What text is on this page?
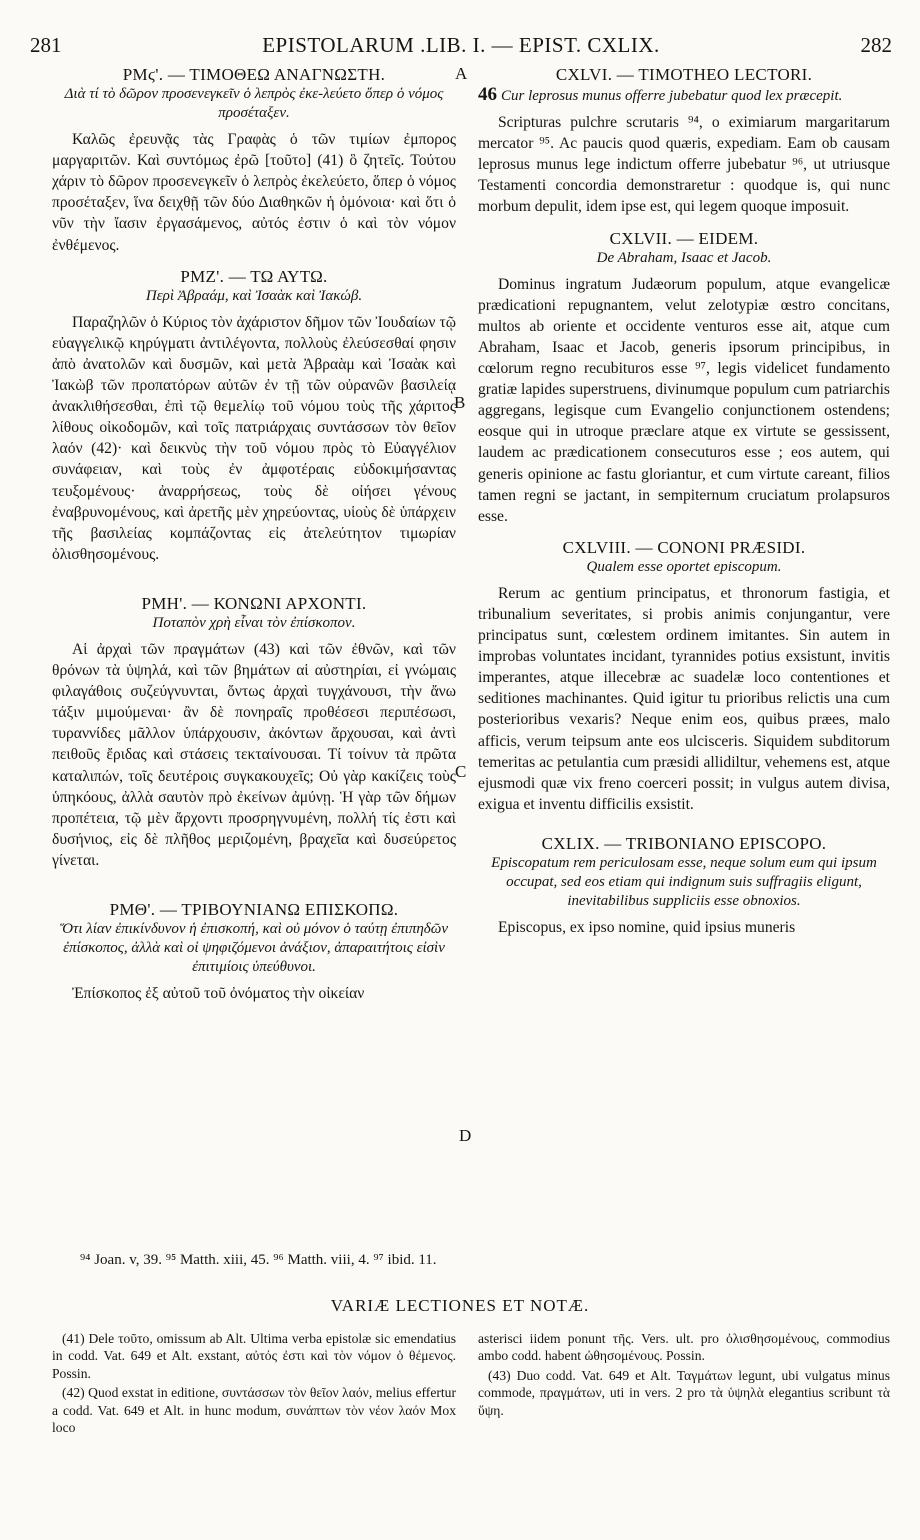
281	EPISTOLARUM .LIB. I. — EPIST. CXLIX.	282
A
B
C
D
ΡΜϛ'. — ΤΙΜΟΘΕΩ ΑΝΑΓΝΩΣΤΗ.
Διὰ τί τὸ δῶρον προσενεγκεῖν ὁ λεπρὸς ἐκε-λεύετο ὅπερ ὁ νόμος προσέταξεν.

Καλῶς ἐρευνᾷς τὰς Γραφὰς ὁ τῶν τιμίων ἐμπορος μαργαριτῶν. Καὶ συντόμως ἐρῶ [τοῦτο] (41) ὃ ζητεῖς. Τούτου χάριν τὸ δῶρον προσενεγκεῖν ὁ λεπρὸς ἐκελεύετο, ὅπερ ὁ νόμος προσέταξεν, ἵνα δειχθῇ τῶν δύο Διαθηκῶν ἡ ὁμόνοια· καὶ ὅτι ὁ νῦν τὴν ἴασιν ἐργασάμενος, αὐτός ἐστιν ὁ καὶ τὸν νόμον ἐνθέμενος.

ΡΜΖ'. — ΤΩ ΑΥΤΩ.
Περὶ Ἀβραάμ, καὶ Ἰσαὰκ καὶ Ἰακώβ.

Παραζηλῶν ὁ Κύριος τὸν ἀχάριστον δῆμον τῶν Ἰουδαίων τῷ εὐαγγελικῷ κηρύγματι ἀντιλέγοντα, πολλοὺς ἐλεύσεσθαί φησιν ἀπὸ ἀνατολῶν καὶ δυσμῶν, καὶ μετὰ Ἀβραὰμ καὶ Ἰσαὰκ καὶ Ἰακὼβ τῶν προπατόρων αὐτῶν ἐν τῇ τῶν οὐρανῶν βασιλείᾳ ἀνακλιθήσεσθαι, ἐπὶ τῷ θεμελίῳ τοῦ νόμου τοὺς τῆς χάριτος λίθους οἰκοδομῶν, καὶ τοῖς πατριάρχαις συντάσσων τὸν θεῖον λαόν (42)· καὶ δεικνὺς τὴν τοῦ νόμου πρὸς τὸ Εὐαγγέλιον συνάφειαν, καὶ τοὺς ἐν ἀμφοτέραις εὐδοκιμήσαντας τευξομένους· ἀναρρήσεως, τοὺς δὲ οἰήσει γένους ἐναβρυνομένους, καὶ ἀρετῆς μὲν χηρεύοντας, υἱοὺς δὲ ὑπάρχειν τῆς βασιλείας κομπάζοντας εἰς ἀτελεύτητον τιμωρίαν ὀλισθησομένους.

ΡΜΗ'. — ΚΟΝΩΝΙ ΑΡΧΟΝΤΙ.
Ποταπὸν χρὴ εἶναι τὸν ἐπίσκοπον.

Αἱ ἀρχαὶ τῶν πραγμάτων (43) καὶ τῶν ἐθνῶν, καὶ τῶν θρόνων τὰ ὑψηλά, καὶ τῶν βημάτων αἱ αὐστηρίαι, εἰ γνώμαις φιλαγάθοις συζεύγνυνται, ὄντως ἀρχαὶ τυγχάνουσι, τὴν ἄνω τάξιν μιμούμεναι· ἂν δὲ πονηραῖς προθέσεσι περιπέσωσι, τυραννίδες μᾶλλον ὑπάρχουσιν, ἀκόντων ἄρχουσαι, καὶ ἀντὶ πειθοῦς ἔριδας καὶ στάσεις τεκταίνουσαι. Τί τοίνυν τὰ πρῶτα καταλιπών, τοῖς δευτέροις συγκακουχεῖς; Οὐ γὰρ κακίζεις τοὺς ὑπηκόους, ἀλλὰ σαυτὸν πρὸ ἐκείνων ἀμύνῃ. Ἡ γὰρ τῶν δήμων προπέτεια, τῷ μὲν ἄρχοντι προσρηγνυμένη, πολλή τίς ἐστι καὶ δυσήνιος, εἰς δὲ πλῆθος μεριζομένη, βραχεῖα καὶ δυσεύρετος γίνεται.

ΡΜΘ'. — ΤΡΙΒΟΥΝΙΑΝΩ ΕΠΙΣΚΟΠΩ.
Ὅτι λίαν ἐπικίνδυνον ἡ ἐπισκοπή, καὶ οὐ μόνον ὁ ταύτῃ ἐπιπηδῶν ἐπίσκοπος, ἀλλὰ καὶ οἱ ψηφιζόμενοι ἀνάξιον, ἀπαραιτήτοις εἰσὶν ἐπιτιμίοις ὑπεύθυνοι.

Ἐπίσκοπος ἐξ αὐτοῦ τοῦ ὀνόματος τὴν οἰκείαν

CXLVI. — TIMOTHEO LECTORI.
46 Cur leprosus munus offerre jubebatur quod lex præcepit.

Scripturas pulchre scrutaris ⁹⁴, o eximiarum margaritarum mercator ⁹⁵. Ac paucis quod quæris, expediam. Eam ob causam leprosus munus lege indictum offerre jubebatur ⁹⁶, ut utriusque Testamenti concordia demonstraretur : quodque is, qui nunc morbum depulit, idem ipse est, qui legem quoque imposuit.

CXLVII. — EIDEM.
De Abraham, Isaac et Jacob.

Dominus ingratum Judæorum populum, atque evangelicæ prædicationi repugnantem, velut zelotypiæ œstro concitans, multos ab oriente et occidente venturos esse ait, atque cum Abraham, Isaac et Jacob, generis ipsorum principibus, in cœlorum regno recubituros esse ⁹⁷, legis videlicet fundamento gratiæ lapides superstruens, divinumque populum cum patriarchis aggregans, legisque cum Evangelio conjunctionem ostendens; eosque qui in utroque præclare atque ex virtute se gessissent, laudem ac prædicationem consecuturos esse ; eos autem, qui generis opinione ac fastu gloriantur, et cum virtute careant, filios tamen regni se jactant, in sempiternum cruciatum prolapsuros esse.

CXLVIII. — CONONI PRÆSIDI.
Qualem esse oportet episcopum.

Rerum ac gentium principatus, et thronorum fastigia, et tribunalium severitates, si probis animis conjungantur, vere principatus sunt, cœlestem ordinem imitantes. Sin autem in improbas voluntates incidant, tyrannides potius exsistunt, invitis imperantes, atque illecebræ ac suadelæ loco contentiones et seditiones machinantes. Quid igitur tu prioribus relictis una cum posterioribus vexaris? Neque enim eos, quibus præes, malo afficis, verum teipsum ante eos ulcisceris. Siquidem subditorum temeritas ac petulantia cum præsidi allidiltur, vehemens est, atque ejusmodi quæ vix freno coerceri possit; in vulgus autem divisa, exigua et inventu difficilis exsistit.

CXLIX. — TRIBONIANO EPISCOPO.
Episcopatum rem periculosam esse, neque solum eum qui ipsum occupat, sed eos etiam qui indignum suis suffragiis eligunt, inevitabilibus suppliciis esse obnoxios.

Episcopus, ex ipso nomine, quid ipsius muneris

⁹⁴ Joan. v, 39. ⁹⁵ Matth. xiii, 45. ⁹⁶ Matth. viii, 4. ⁹⁷ ibid. 11.
VARIÆ LECTIONES ET NOTÆ.

(41) Dele τοῦτο, omissum ab Alt. Ultima verba epistolæ sic emendatius in codd. Vat. 649 et Alt. exstant, αὐτός ἐστι καὶ τὸν νόμον ὁ θέμενος. Possin.

(42) Quod exstat in editione, συντάσσων τὸν θεῖον λαόν, melius effertur a codd. Vat. 649 et Alt. in hunc modum, συνάπτων τὸν νέον λαόν Mox loco

asterisci iidem ponunt τῆς. Vers. ult. pro ὀλισθησομένους, commodius ambo codd. habent ὠθησομένους. Possin.

(43) Duo codd. Vat. 649 et Alt. Ταγμάτων legunt, ubi vulgatus minus commode, πραγμάτων, uti in vers. 2 pro τὰ ὑψηλὰ elegantius scribunt τὰ ὕψη.
